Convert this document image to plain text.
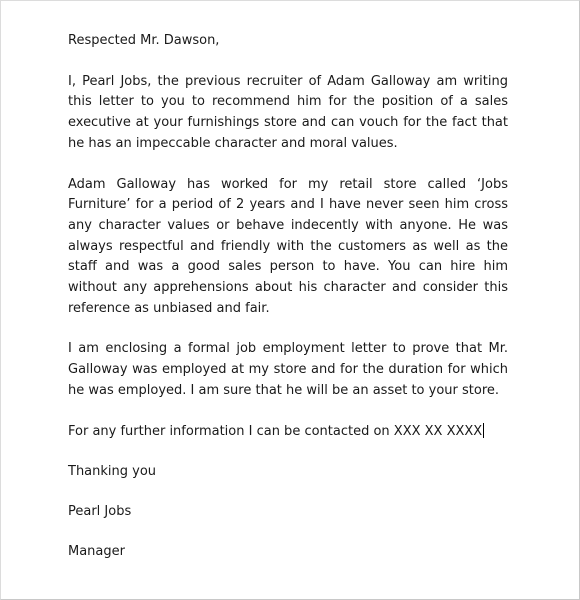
Respected Mr. Dawson,

I, Pearl Jobs, the previous recruiter of Adam Galloway am writing this letter to you to recommend him for the position of a sales executive at your furnishings store and can vouch for the fact that he has an impeccable character and moral values.

Adam Galloway has worked for my retail store called ‘Jobs Furniture’ for a period of 2 years and I have never seen him cross any character values or behave indecently with anyone. He was always respectful and friendly with the customers as well as the staff and was a good sales person to have. You can hire him without any apprehensions about his character and consider this reference as unbiased and fair.

I am enclosing a formal job employment letter to prove that Mr. Galloway was employed at my store and for the duration for which he was employed. I am sure that he will be an asset to your store.

For any further information I can be contacted on XXX XX XXXX

Thanking you

Pearl Jobs

Manager
